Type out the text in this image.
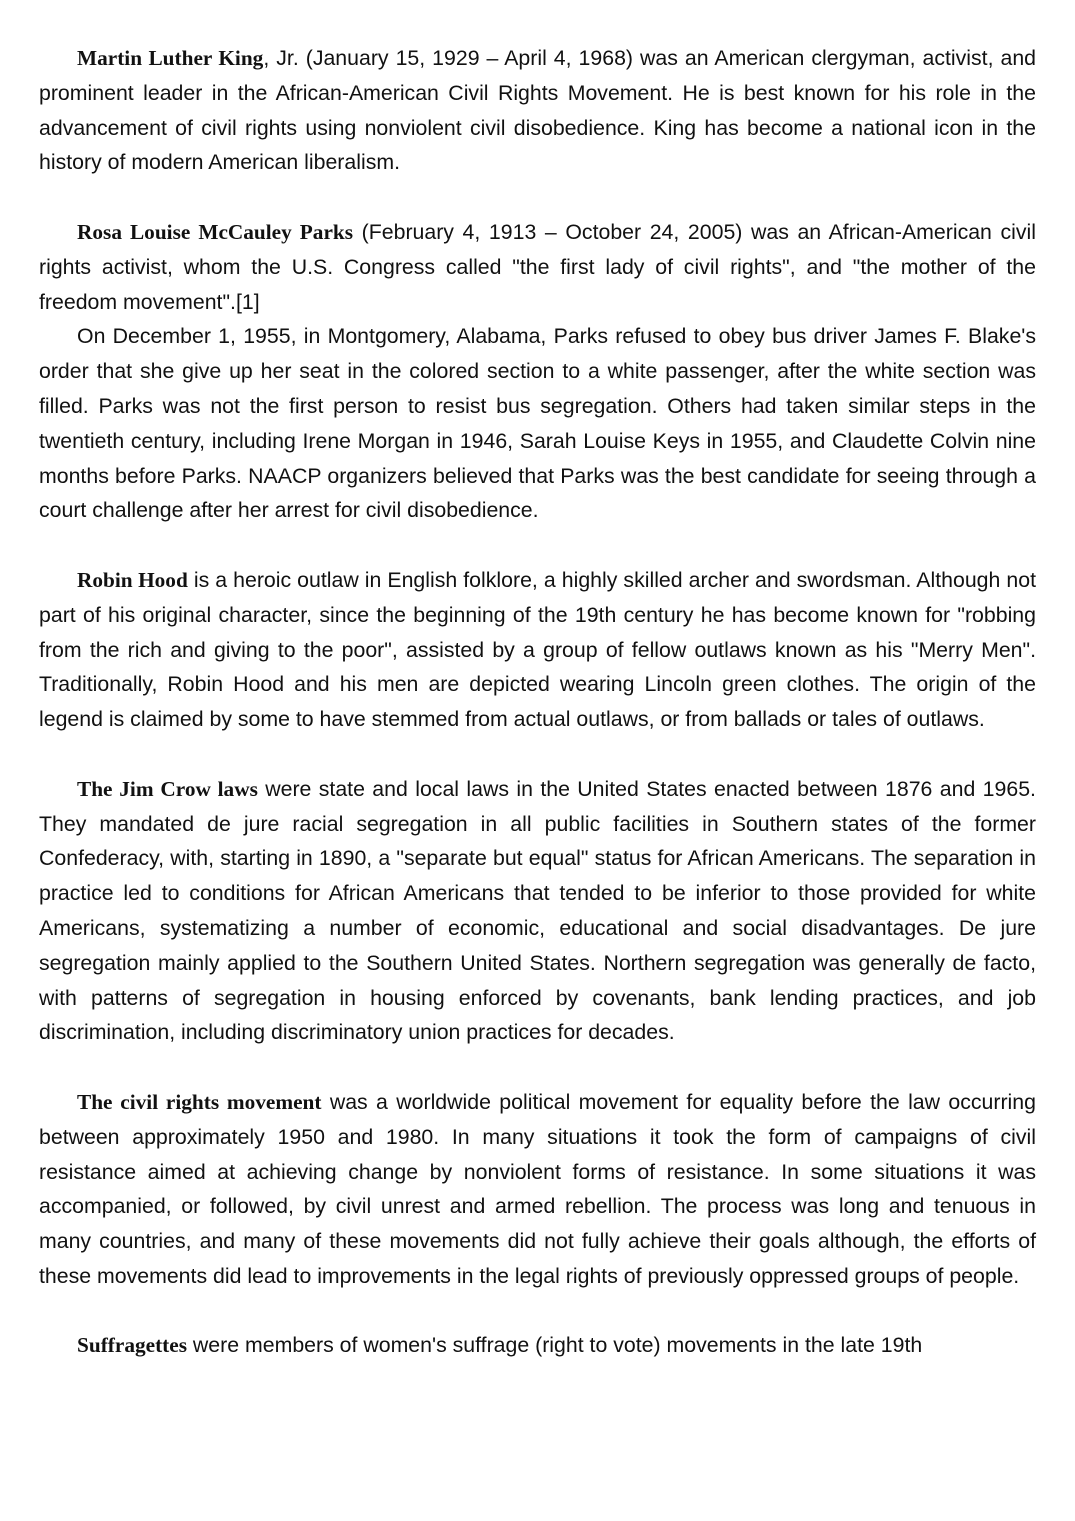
Martin Luther King, Jr. (January 15, 1929 – April 4, 1968) was an American clergyman, activist, and prominent leader in the African-American Civil Rights Movement. He is best known for his role in the advancement of civil rights using nonviolent civil disobedience. King has become a national icon in the history of modern American liberalism.

Rosa Louise McCauley Parks (February 4, 1913 – October 24, 2005) was an African-American civil rights activist, whom the U.S. Congress called "the first lady of civil rights", and "the mother of the freedom movement".[1]

On December 1, 1955, in Montgomery, Alabama, Parks refused to obey bus driver James F. Blake's order that she give up her seat in the colored section to a white passenger, after the white section was filled. Parks was not the first person to resist bus segregation. Others had taken similar steps in the twentieth century, including Irene Morgan in 1946, Sarah Louise Keys in 1955, and Claudette Colvin nine months before Parks. NAACP organizers believed that Parks was the best candidate for seeing through a court challenge after her arrest for civil disobedience.

Robin Hood is a heroic outlaw in English folklore, a highly skilled archer and swordsman. Although not part of his original character, since the beginning of the 19th century he has become known for "robbing from the rich and giving to the poor", assisted by a group of fellow outlaws known as his "Merry Men". Traditionally, Robin Hood and his men are depicted wearing Lincoln green clothes. The origin of the legend is claimed by some to have stemmed from actual outlaws, or from ballads or tales of outlaws.

The Jim Crow laws were state and local laws in the United States enacted between 1876 and 1965. They mandated de jure racial segregation in all public facilities in Southern states of the former Confederacy, with, starting in 1890, a "separate but equal" status for African Americans. The separation in practice led to conditions for African Americans that tended to be inferior to those provided for white Americans, systematizing a number of economic, educational and social disadvantages. De jure segregation mainly applied to the Southern United States. Northern segregation was generally de facto, with patterns of segregation in housing enforced by covenants, bank lending practices, and job discrimination, including discriminatory union practices for decades.

The civil rights movement was a worldwide political movement for equality before the law occurring between approximately 1950 and 1980. In many situations it took the form of campaigns of civil resistance aimed at achieving change by nonviolent forms of resistance. In some situations it was accompanied, or followed, by civil unrest and armed rebellion. The process was long and tenuous in many countries, and many of these movements did not fully achieve their goals although, the efforts of these movements did lead to improvements in the legal rights of previously oppressed groups of people.

Suffragettes were members of women's suffrage (right to vote) movements in the late 19th
